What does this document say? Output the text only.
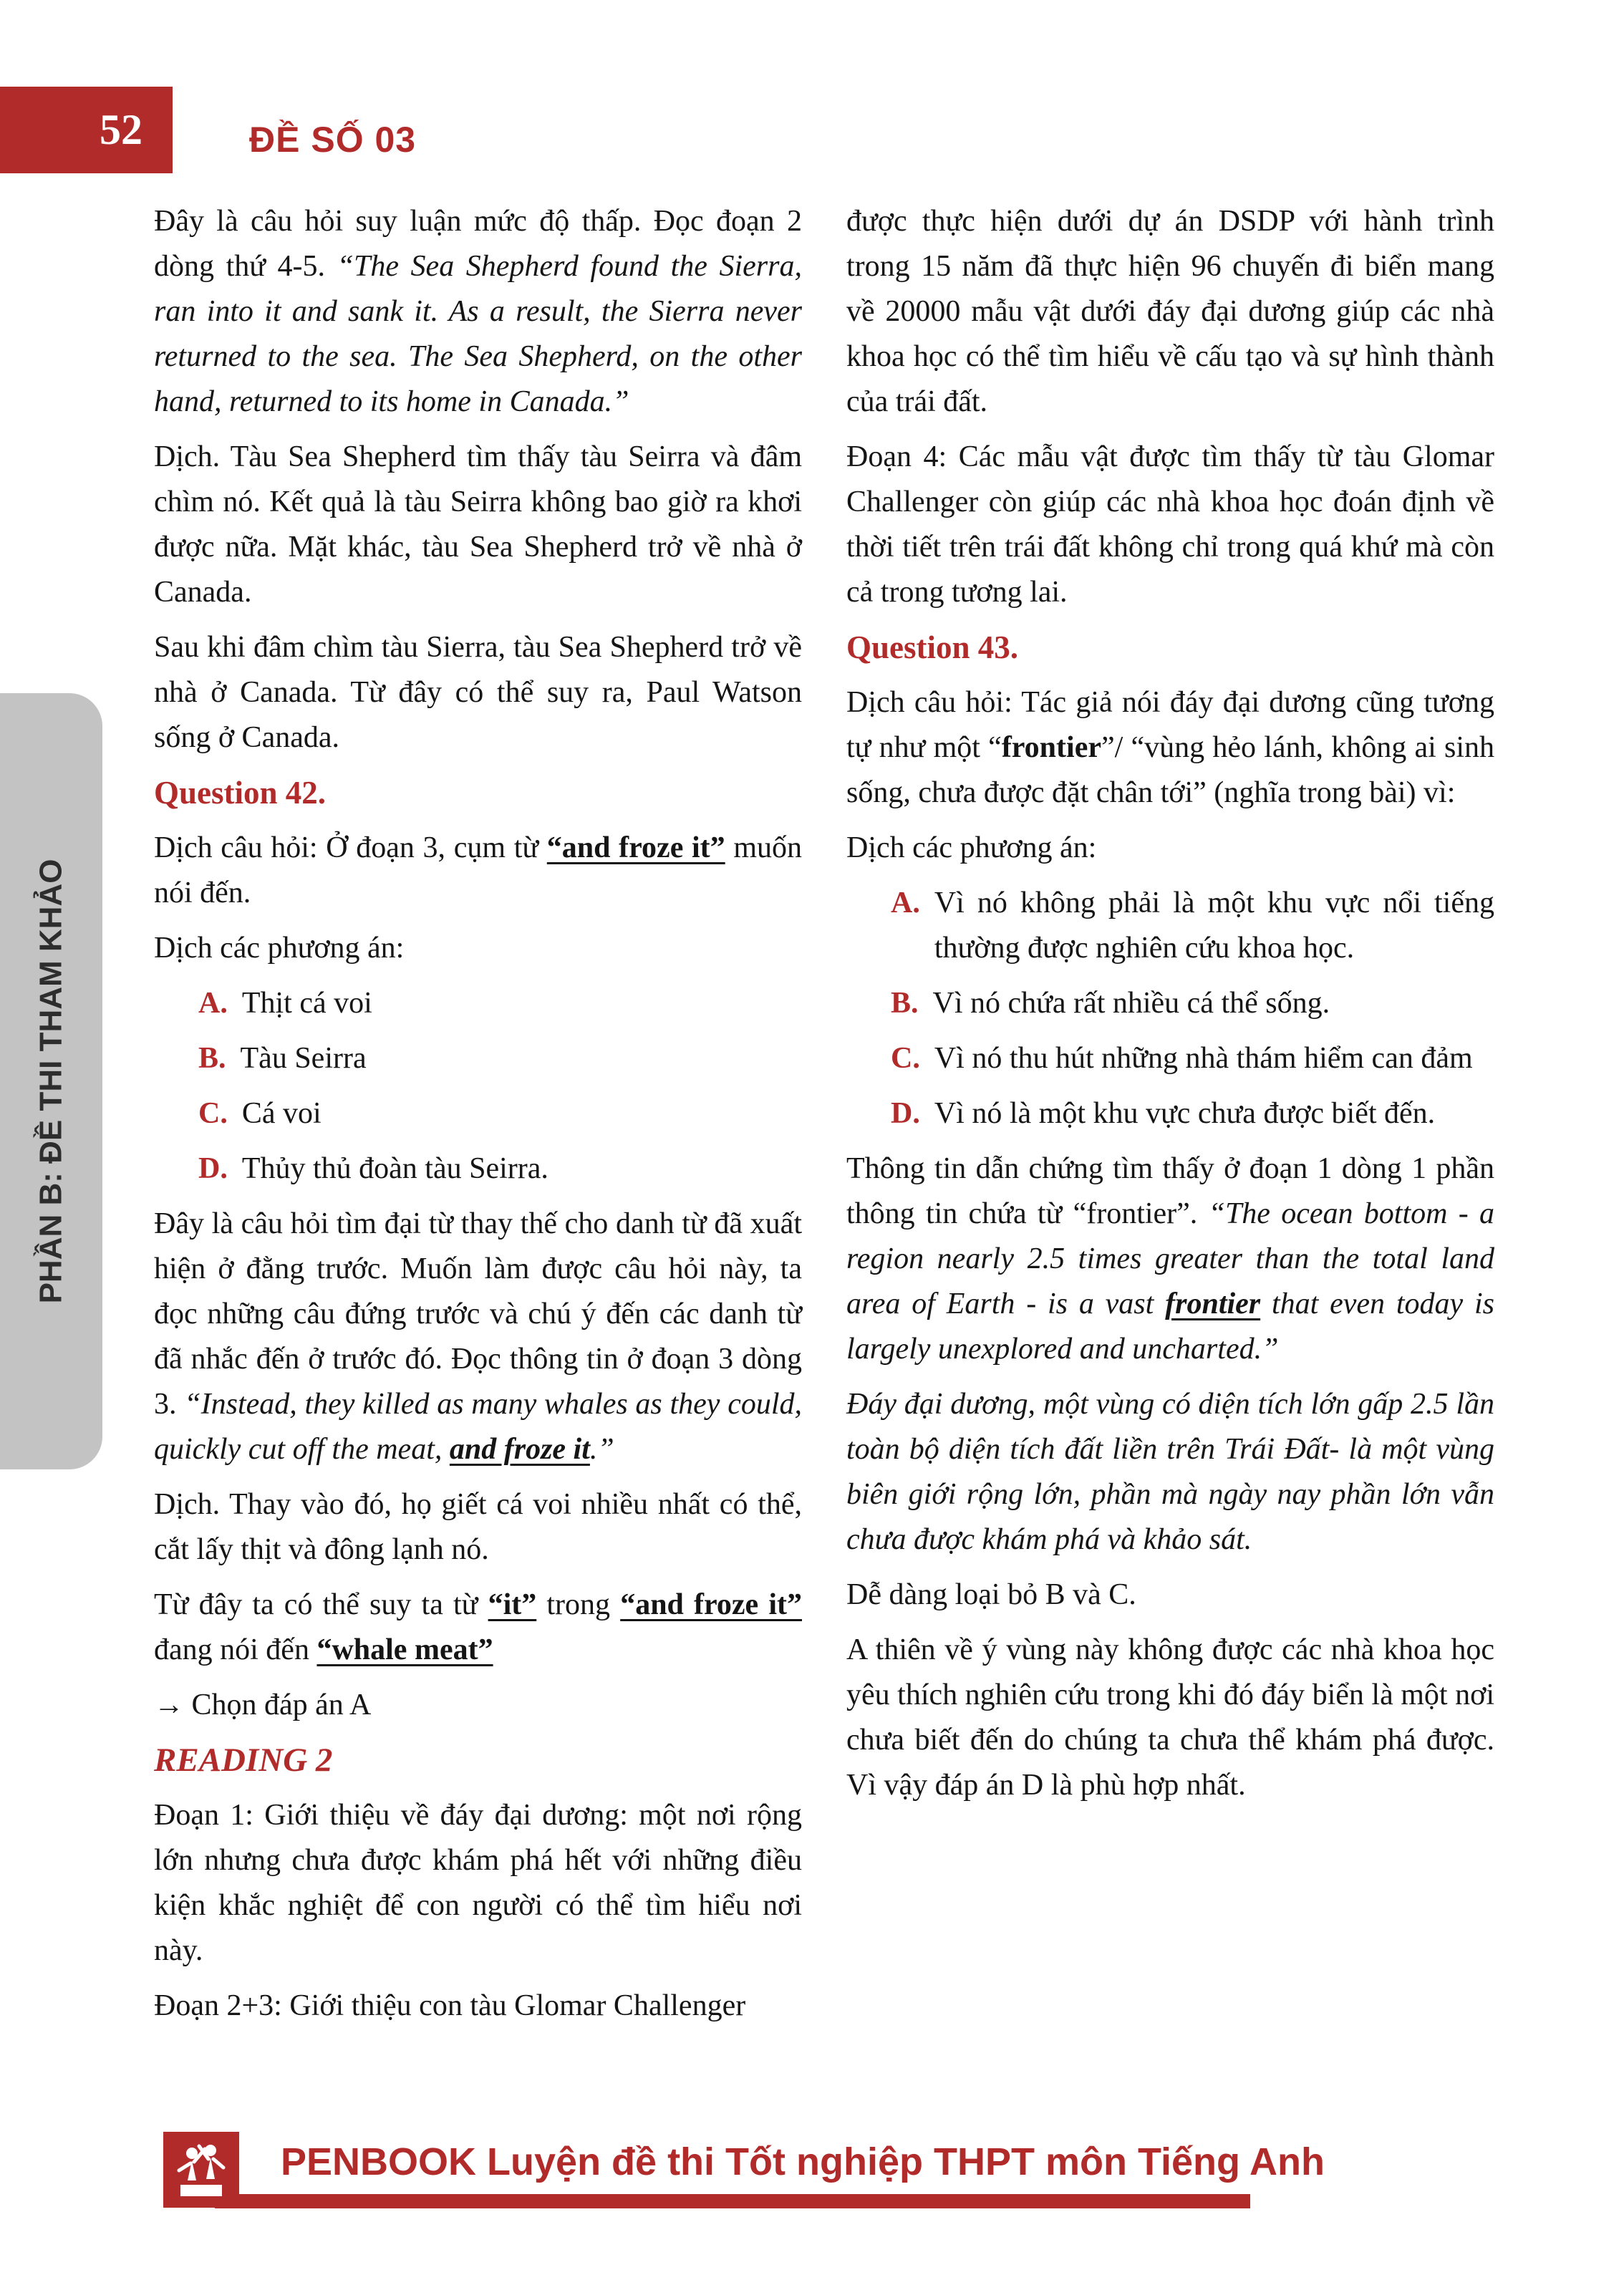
52	ĐỀ SỐ 03
PHẦN B: ĐỀ THI THAM KHẢO

Đây là câu hỏi suy luận mức độ thấp. Đọc đoạn 2 dòng thứ 4-5. “The Sea Shepherd found the Sierra, ran into it and sank it. As a result, the Sierra never returned to the sea. The Sea Shepherd, on the other hand, returned to its home in Canada.”

Dịch. Tàu Sea Shepherd tìm thấy tàu Seirra và đâm chìm nó. Kết quả là tàu Seirra không bao giờ ra khơi được nữa. Mặt khác, tàu Sea Shepherd trở về nhà ở Canada.

Sau khi đâm chìm tàu Sierra, tàu Sea Shepherd trở về nhà ở Canada. Từ đây có thể suy ra, Paul Watson sống ở Canada.

Question 42.

Dịch câu hỏi: Ở đoạn 3, cụm từ “and froze it” muốn nói đến.

Dịch các phương án:

A. Thịt cá voi
B. Tàu Seirra
C. Cá voi
D. Thủy thủ đoàn tàu Seirra.

Đây là câu hỏi tìm đại từ thay thế cho danh từ đã xuất hiện ở đằng trước. Muốn làm được câu hỏi này, ta đọc những câu đứng trước và chú ý đến các danh từ đã nhắc đến ở trước đó. Đọc thông tin ở đoạn 3 dòng 3. “Instead, they killed as many whales as they could, quickly cut off the meat, and froze it.”

Dịch. Thay vào đó, họ giết cá voi nhiều nhất có thể, cắt lấy thịt và đông lạnh nó.

Từ đây ta có thể suy ta từ “it” trong “and froze it” đang nói đến “whale meat”

→ Chọn đáp án A

READING 2

Đoạn 1: Giới thiệu về đáy đại dương: một nơi rộng lớn nhưng chưa được khám phá hết với những điều kiện khắc nghiệt để con người có thể tìm hiểu nơi này.

Đoạn 2+3: Giới thiệu con tàu Glomar Challenger

được thực hiện dưới dự án DSDP với hành trình trong 15 năm đã thực hiện 96 chuyến đi biển mang về 20000 mẫu vật dưới đáy đại dương giúp các nhà khoa học có thể tìm hiểu về cấu tạo và sự hình thành của trái đất.

Đoạn 4: Các mẫu vật được tìm thấy từ tàu Glomar Challenger còn giúp các nhà khoa học đoán định về thời tiết trên trái đất không chỉ trong quá khứ mà còn cả trong tương lai.

Question 43.

Dịch câu hỏi: Tác giả nói đáy đại dương cũng tương tự như một “frontier”/ “vùng hẻo lánh, không ai sinh sống, chưa được đặt chân tới” (nghĩa trong bài) vì:

Dịch các phương án:

A. Vì nó không phải là một khu vực nổi tiếng thường được nghiên cứu khoa học.
B. Vì nó chứa rất nhiều cá thể sống.
C. Vì nó thu hút những nhà thám hiểm can đảm
D. Vì nó là một khu vực chưa được biết đến.

Thông tin dẫn chứng tìm thấy ở đoạn 1 dòng 1 phần thông tin chứa từ “frontier”. “The ocean bottom - a region nearly 2.5 times greater than the total land area of Earth - is a vast frontier that even today is largely unexplored and uncharted.”

Đáy đại dương, một vùng có diện tích lớn gấp 2.5 lần toàn bộ diện tích đất liền trên Trái Đất- là một vùng biên giới rộng lớn, phần mà ngày nay phần lớn vẫn chưa được khám phá và khảo sát.

Dễ dàng loại bỏ B và C.

A thiên về ý vùng này không được các nhà khoa học yêu thích nghiên cứu trong khi đó đáy biển là một nơi chưa biết đến do chúng ta chưa thể khám phá được. Vì vậy đáp án D là phù hợp nhất.

PENBOOK Luyện đề thi Tốt nghiệp THPT môn Tiếng Anh
